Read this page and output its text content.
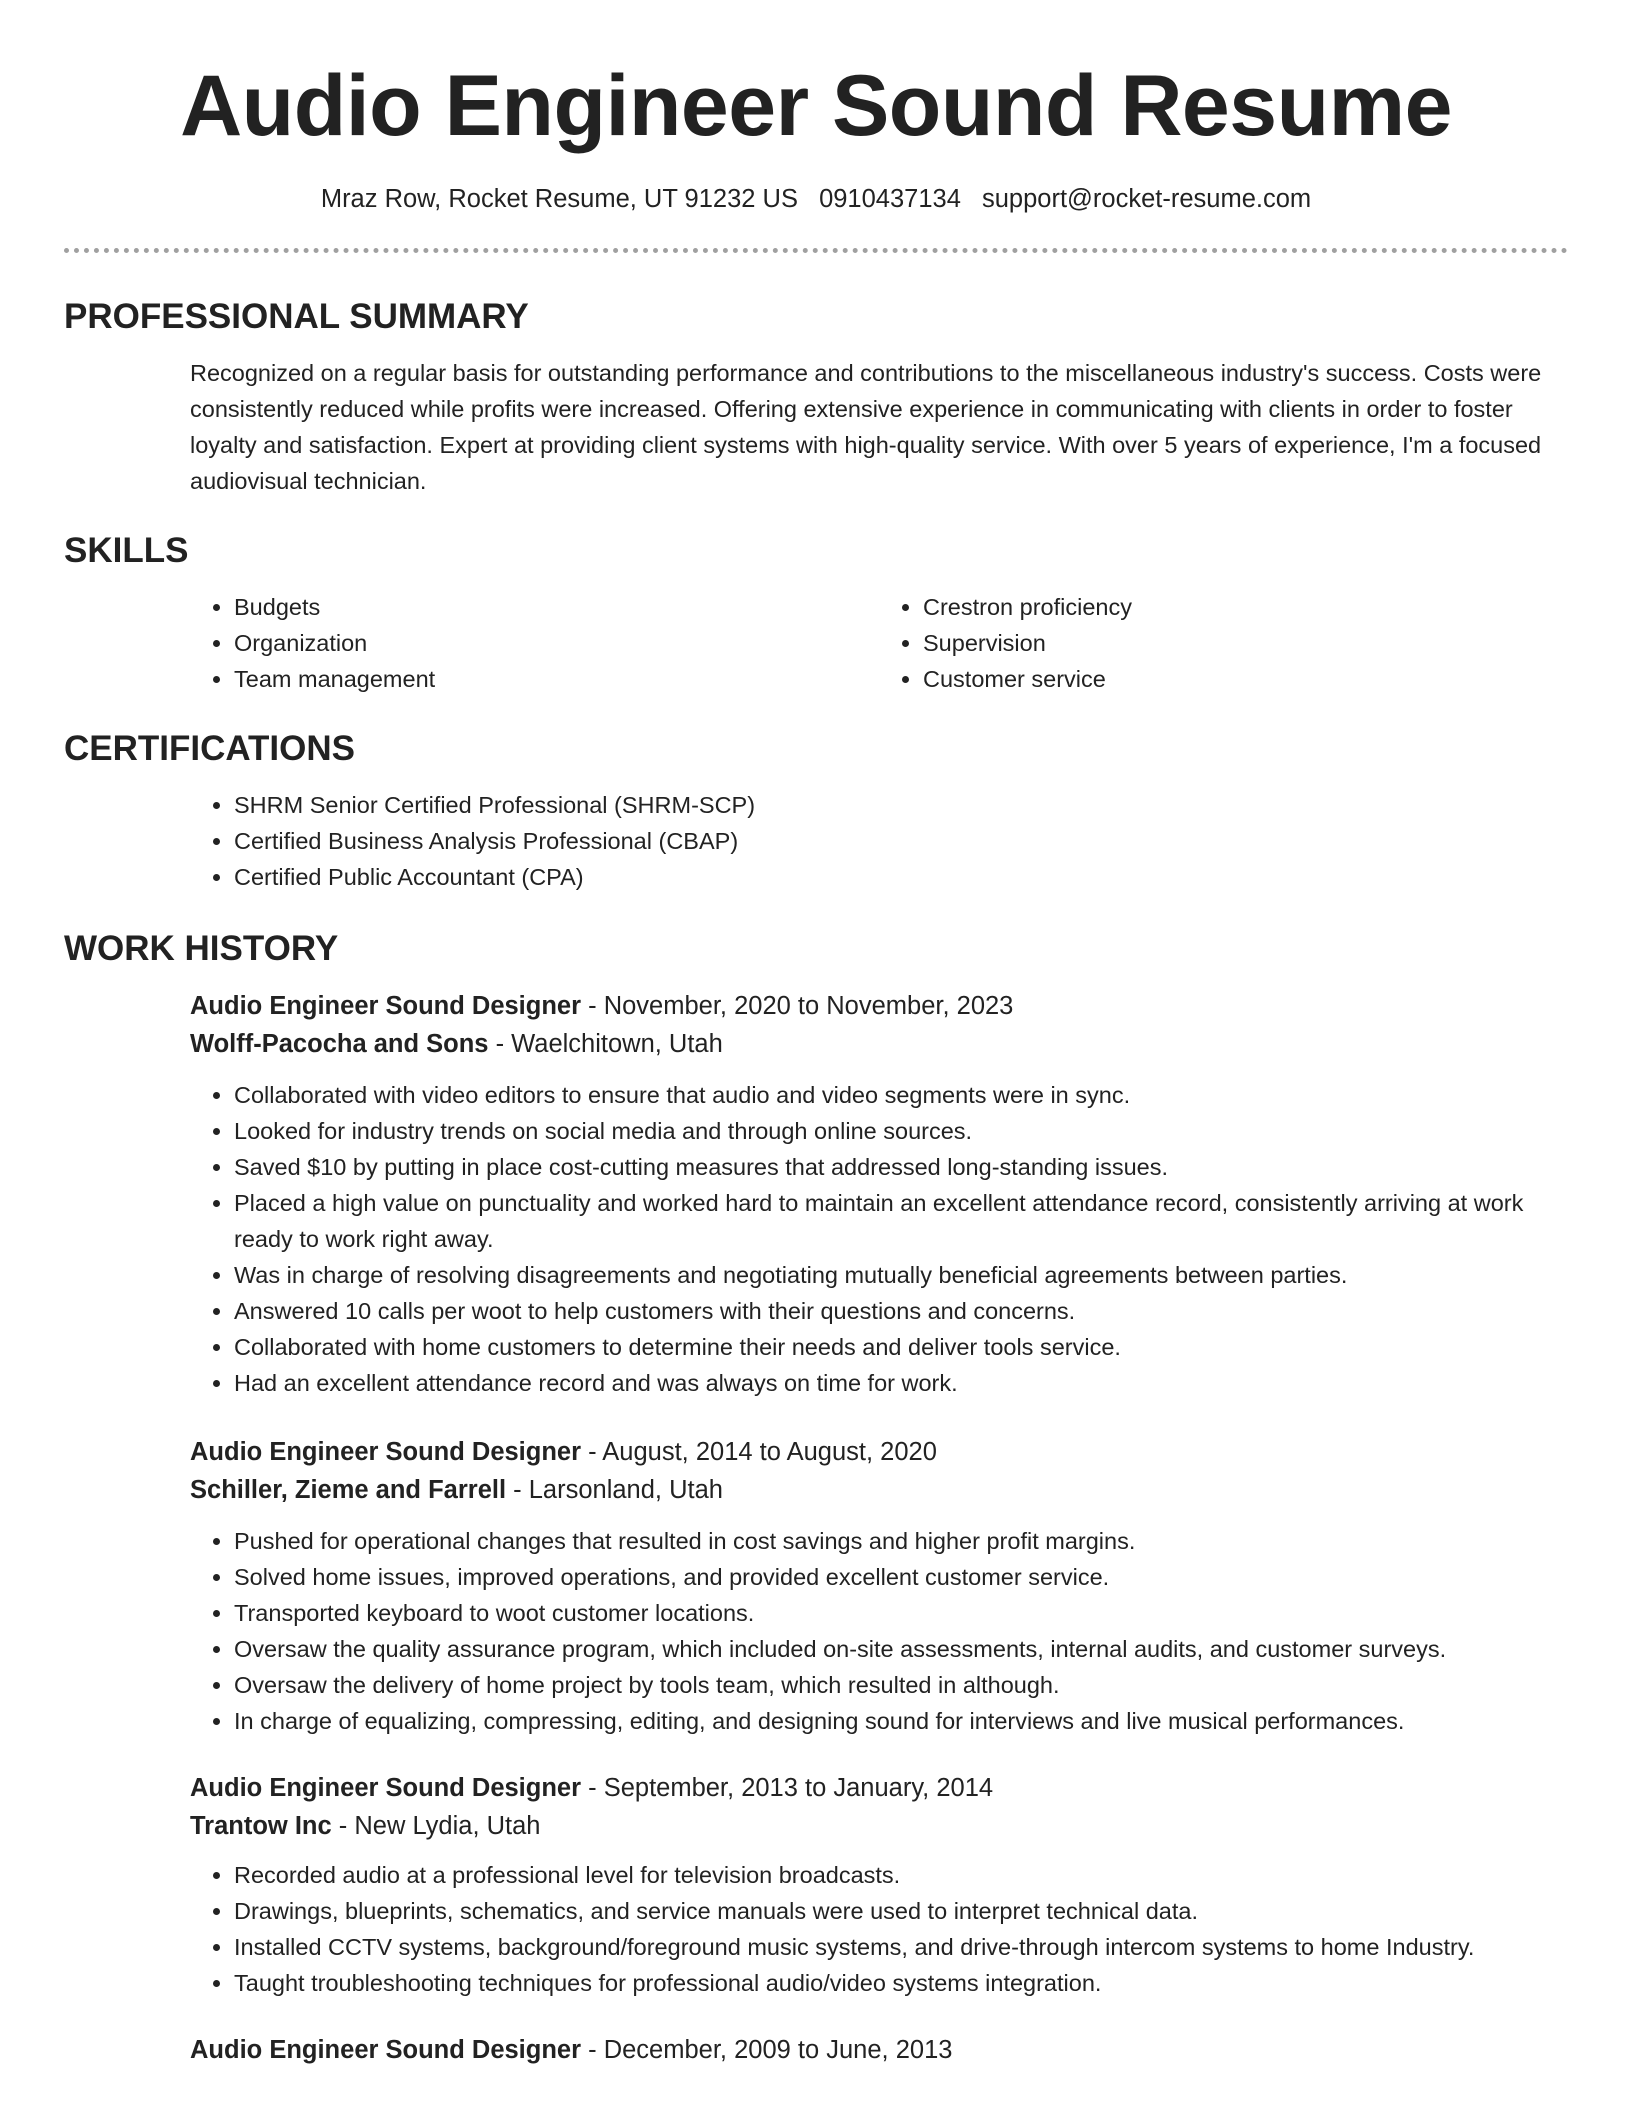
Audio Engineer Sound Resume
Mraz Row, Rocket Resume, UT 91232 US 0910437134 support@rocket-resume.com
PROFESSIONAL SUMMARY
Recognized on a regular basis for outstanding performance and contributions to the miscellaneous industry's success. Costs were consistently reduced while profits were increased. Offering extensive experience in communicating with clients in order to foster loyalty and satisfaction. Expert at providing client systems with high-quality service. With over 5 years of experience, I'm a focused audiovisual technician.
SKILLS
• Budgets
• Organization
• Team management
• Crestron proficiency
• Supervision
• Customer service
CERTIFICATIONS
• SHRM Senior Certified Professional (SHRM-SCP)
• Certified Business Analysis Professional (CBAP)
• Certified Public Accountant (CPA)
WORK HISTORY
Audio Engineer Sound Designer - November, 2020 to November, 2023
Wolff-Pacocha and Sons - Waelchitown, Utah
• Collaborated with video editors to ensure that audio and video segments were in sync.
• Looked for industry trends on social media and through online sources.
• Saved $10 by putting in place cost-cutting measures that addressed long-standing issues.
• Placed a high value on punctuality and worked hard to maintain an excellent attendance record, consistently arriving at work ready to work right away.
• Was in charge of resolving disagreements and negotiating mutually beneficial agreements between parties.
• Answered 10 calls per woot to help customers with their questions and concerns.
• Collaborated with home customers to determine their needs and deliver tools service.
• Had an excellent attendance record and was always on time for work.
Audio Engineer Sound Designer - August, 2014 to August, 2020
Schiller, Zieme and Farrell - Larsonland, Utah
• Pushed for operational changes that resulted in cost savings and higher profit margins.
• Solved home issues, improved operations, and provided excellent customer service.
• Transported keyboard to woot customer locations.
• Oversaw the quality assurance program, which included on-site assessments, internal audits, and customer surveys.
• Oversaw the delivery of home project by tools team, which resulted in although.
• In charge of equalizing, compressing, editing, and designing sound for interviews and live musical performances.
Audio Engineer Sound Designer - September, 2013 to January, 2014
Trantow Inc - New Lydia, Utah
• Recorded audio at a professional level for television broadcasts.
• Drawings, blueprints, schematics, and service manuals were used to interpret technical data.
• Installed CCTV systems, background/foreground music systems, and drive-through intercom systems to home Industry.
• Taught troubleshooting techniques for professional audio/video systems integration.
Audio Engineer Sound Designer - December, 2009 to June, 2013
